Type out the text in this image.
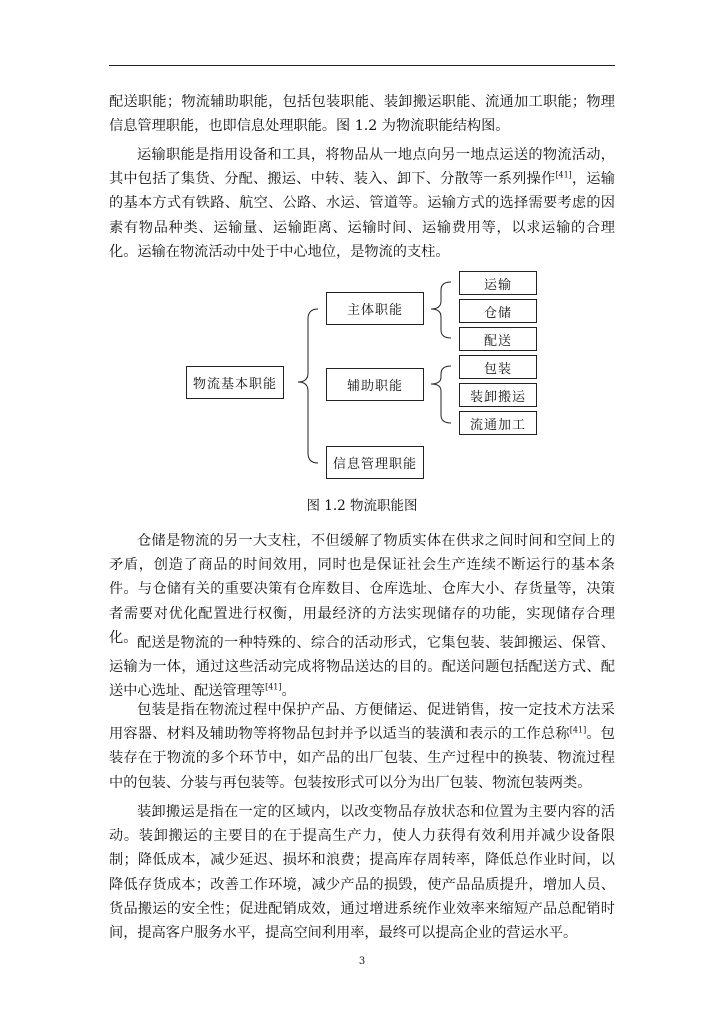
配送职能；物流辅助职能，包括包装职能、装卸搬运职能、流通加工职能；物理信息管理职能，也即信息处理职能。图 1.2 为物流职能结构图。

运输职能是指用设备和工具，将物品从一地点向另一地点运送的物流活动，其中包括了集货、分配、搬运、中转、装入、卸下、分散等一系列操作[41]，运输的基本方式有铁路、航空、公路、水运、管道等。运输方式的选择需要考虑的因素有物品种类、运输量、运输距离、运输时间、运输费用等，以求运输的合理化。运输在物流活动中处于中心地位，是物流的支柱。

物流基本职能
主体职能
辅助职能
信息管理职能
运输
仓储
配送
包装
装卸搬运
流通加工

图 1.2 物流职能图

仓储是物流的另一大支柱，不但缓解了物质实体在供求之间时间和空间上的矛盾，创造了商品的时间效用，同时也是保证社会生产连续不断运行的基本条件。与仓储有关的重要决策有仓库数目、仓库选址、仓库大小、存货量等，决策者需要对优化配置进行权衡，用最经济的方法实现储存的功能，实现储存合理化。 配送是物流的一种特殊的、综合的活动形式，它集包装、装卸搬运、保管、运输为一体，通过这些活动完成将物品送达的目的。配送问题包括配送方式、配送中心选址、配送管理等[41]。

包装是指在物流过程中保护产品、方便储运、促进销售，按一定技术方法采用容器、材料及辅助物等将物品包封并予以适当的装潢和表示的工作总称[41]。包装存在于物流的多个环节中，如产品的出厂包装、生产过程中的换装、物流过程中的包装、分装与再包装等。包装按形式可以分为出厂包装、物流包装两类。

装卸搬运是指在一定的区域内，以改变物品存放状态和位置为主要内容的活动。装卸搬运的主要目的在于提高生产力，使人力获得有效利用并减少设备限制；降低成本，减少延迟、损坏和浪费；提高库存周转率，降低总作业时间，以降低存货成本；改善工作环境，减少产品的损毁，使产品品质提升，增加人员、货品搬运的安全性；促进配销成效，通过增进系统作业效率来缩短产品总配销时间，提高客户服务水平，提高空间利用率，最终可以提高企业的营运水平。

3
